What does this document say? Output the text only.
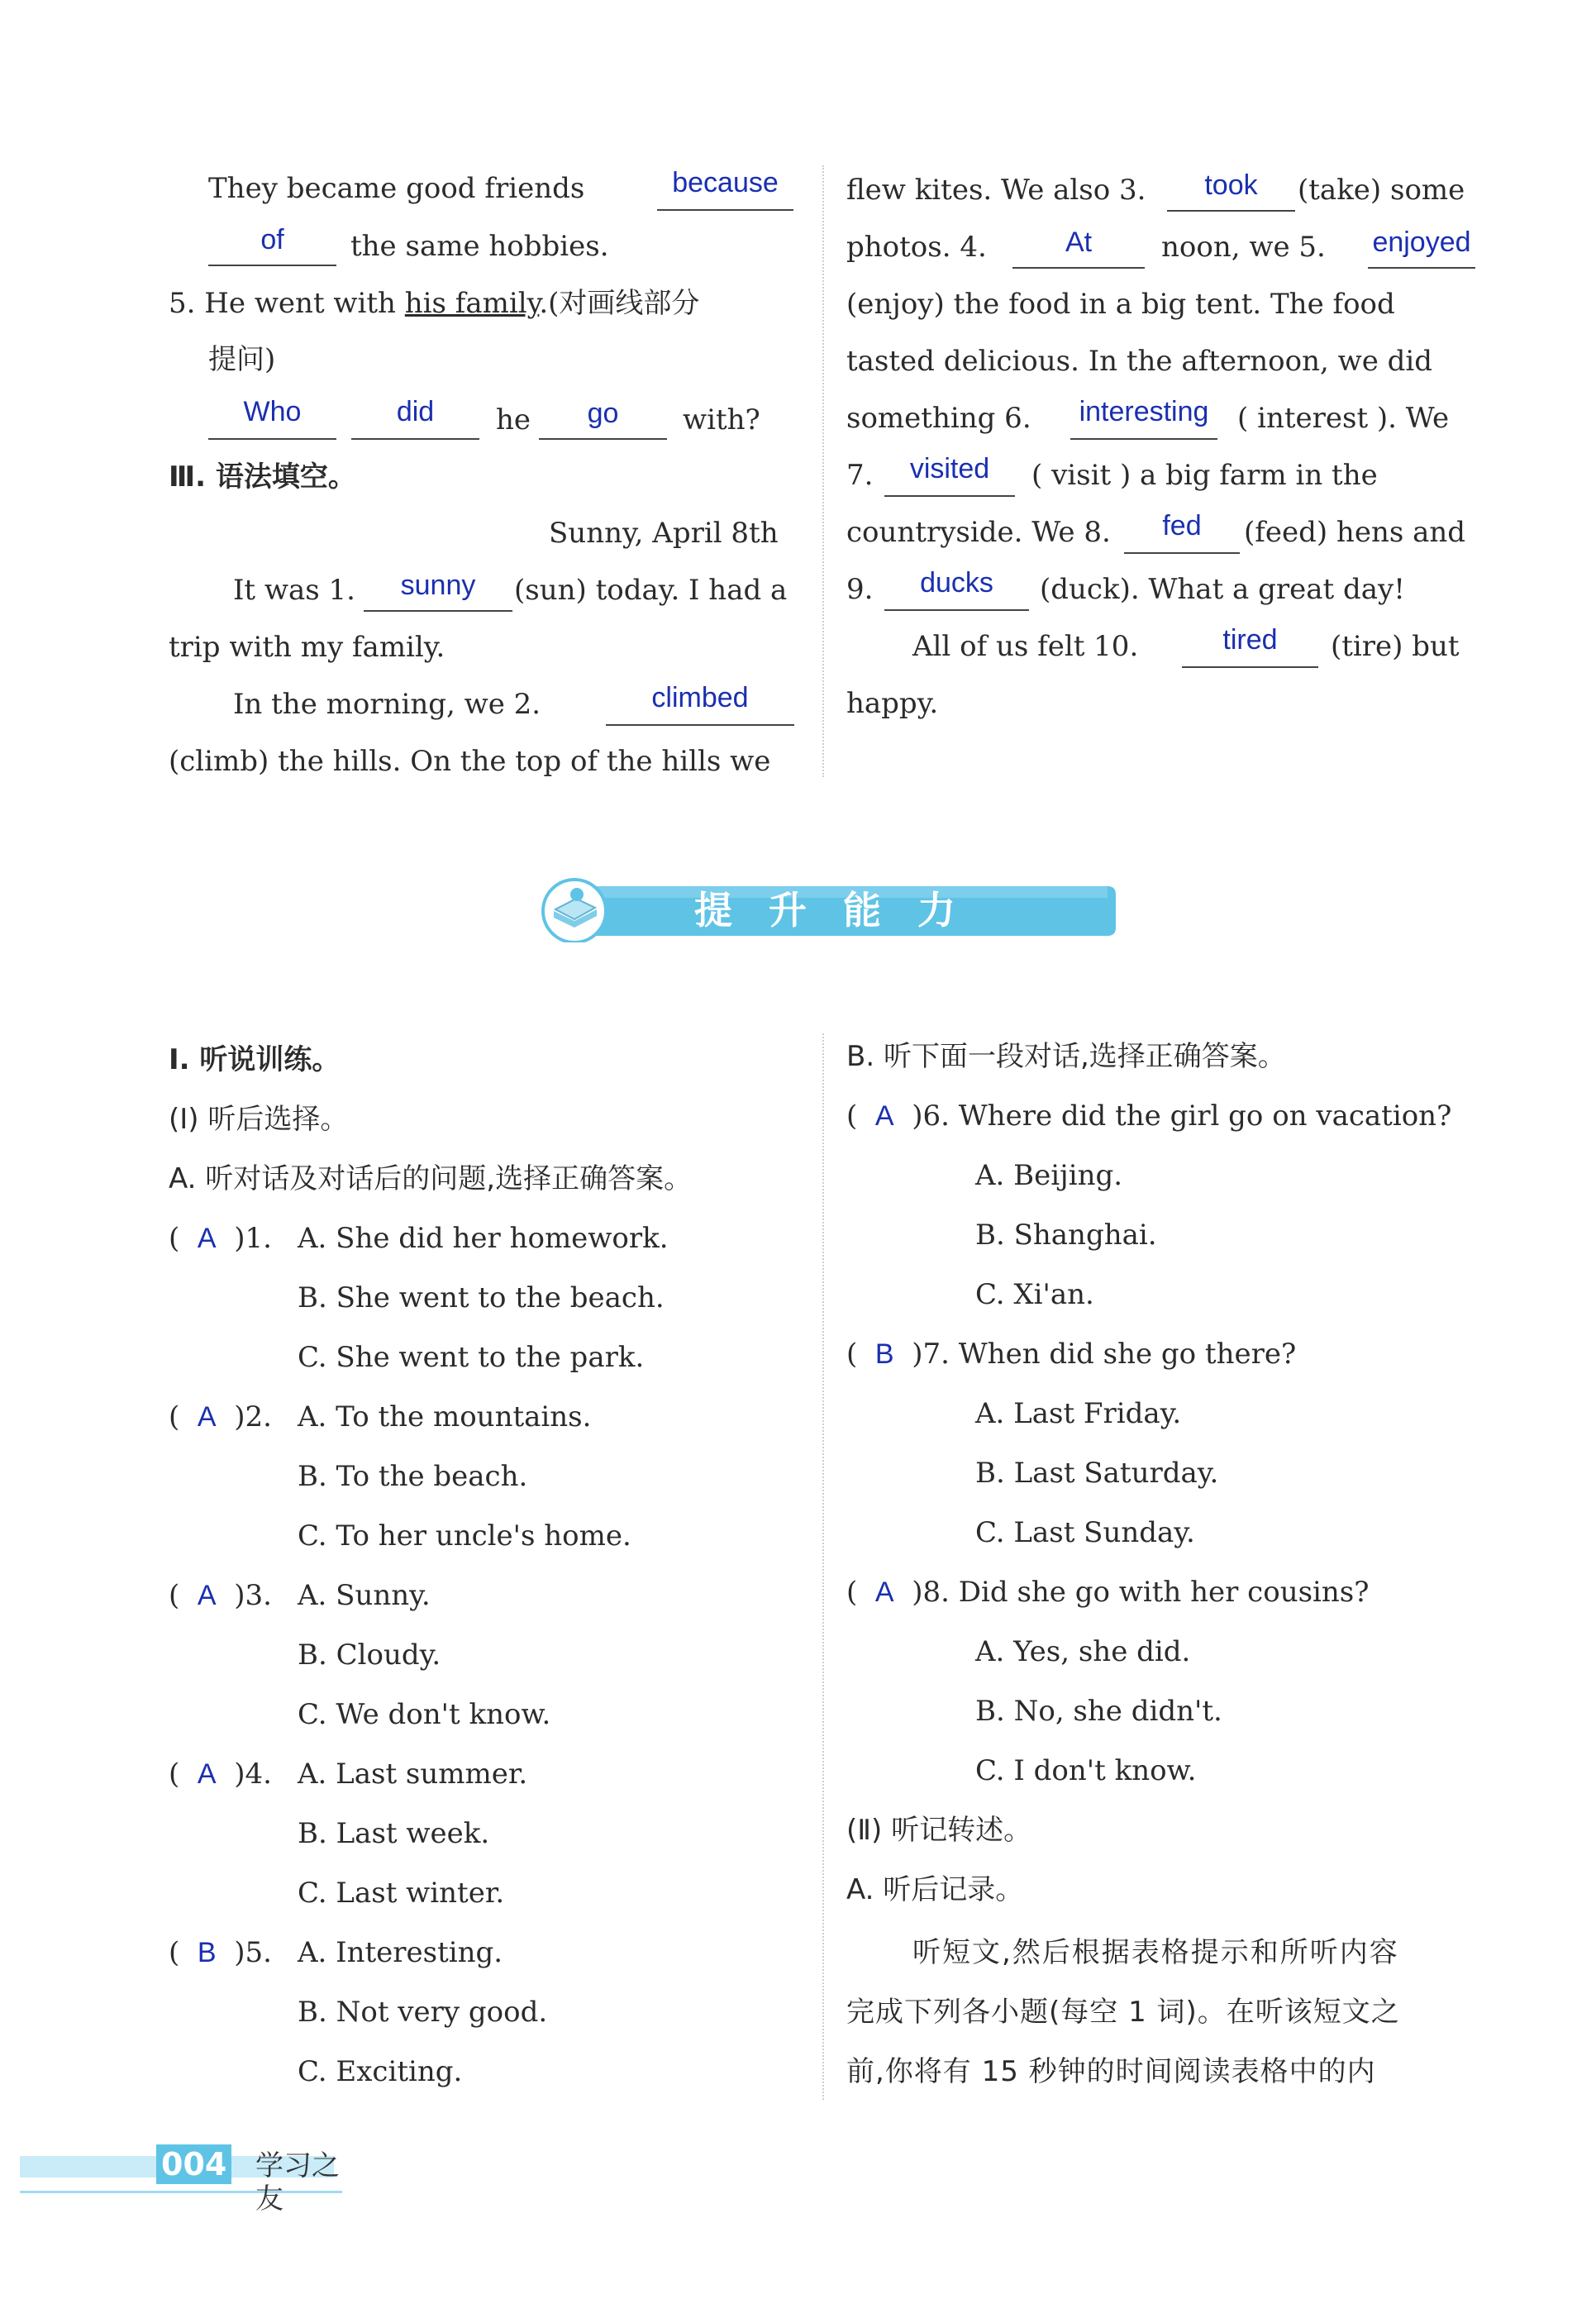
They became good friends	because
of	the same hobbies.
5. He went with his family.(对画线部分
提问)
Who	did	he	go	with?
Ⅲ. 语法填空。
Sunny, April 8th
It was 1.	sunny	(sun) today. I had a
trip with my family.
In the morning, we 2.	climbed
(climb) the hills. On the top of the hills we
flew kites. We also 3.	took	(take) some
photos. 4.	At	noon, we 5. enjoyed
(enjoy) the food in a big tent. The food
tasted delicious. In the afternoon, we did
something 6.	interesting	( interest ). We
7.	visited	( visit ) a big farm in the
countryside. We 8.	fed	(feed) hens and
9.	ducks	(duck). What a great day!
All of us felt 10.	tired	(tire) but
happy.
提 升 能 力
Ⅰ. 听说训练。
(Ⅰ) 听后选择。
A. 听对话及对话后的问题,选择正确答案。
(  A  )1. A. She did her homework.
B. She went to the beach.
C. She went to the park.
(  A  )2. A. To the mountains.
B. To the beach.
C. To her uncle's home.
(  A  )3. A. Sunny.
B. Cloudy.
C. We don't know.
(  A  )4. A. Last summer.
B. Last week.
C. Last winter.
(  B  )5. A. Interesting.
B. Not very good.
C. Exciting.
B. 听下面一段对话,选择正确答案。
(  A  )6. Where did the girl go on vacation?
A. Beijing.
B. Shanghai.
C. Xi'an.
(  B  )7. When did she go there?
A. Last Friday.
B. Last Saturday.
C. Last Sunday.
(  A  )8. Did she go with her cousins?
A. Yes, she did.
B. No, she didn't.
C. I don't know.
(Ⅱ) 听记转述。
A. 听后记录。
听短文,然后根据表格提示和所听内容
完成下列各小题(每空 1 词)。在听该短文之
前,你将有 15 秒钟的时间阅读表格中的内
004 学习之友
